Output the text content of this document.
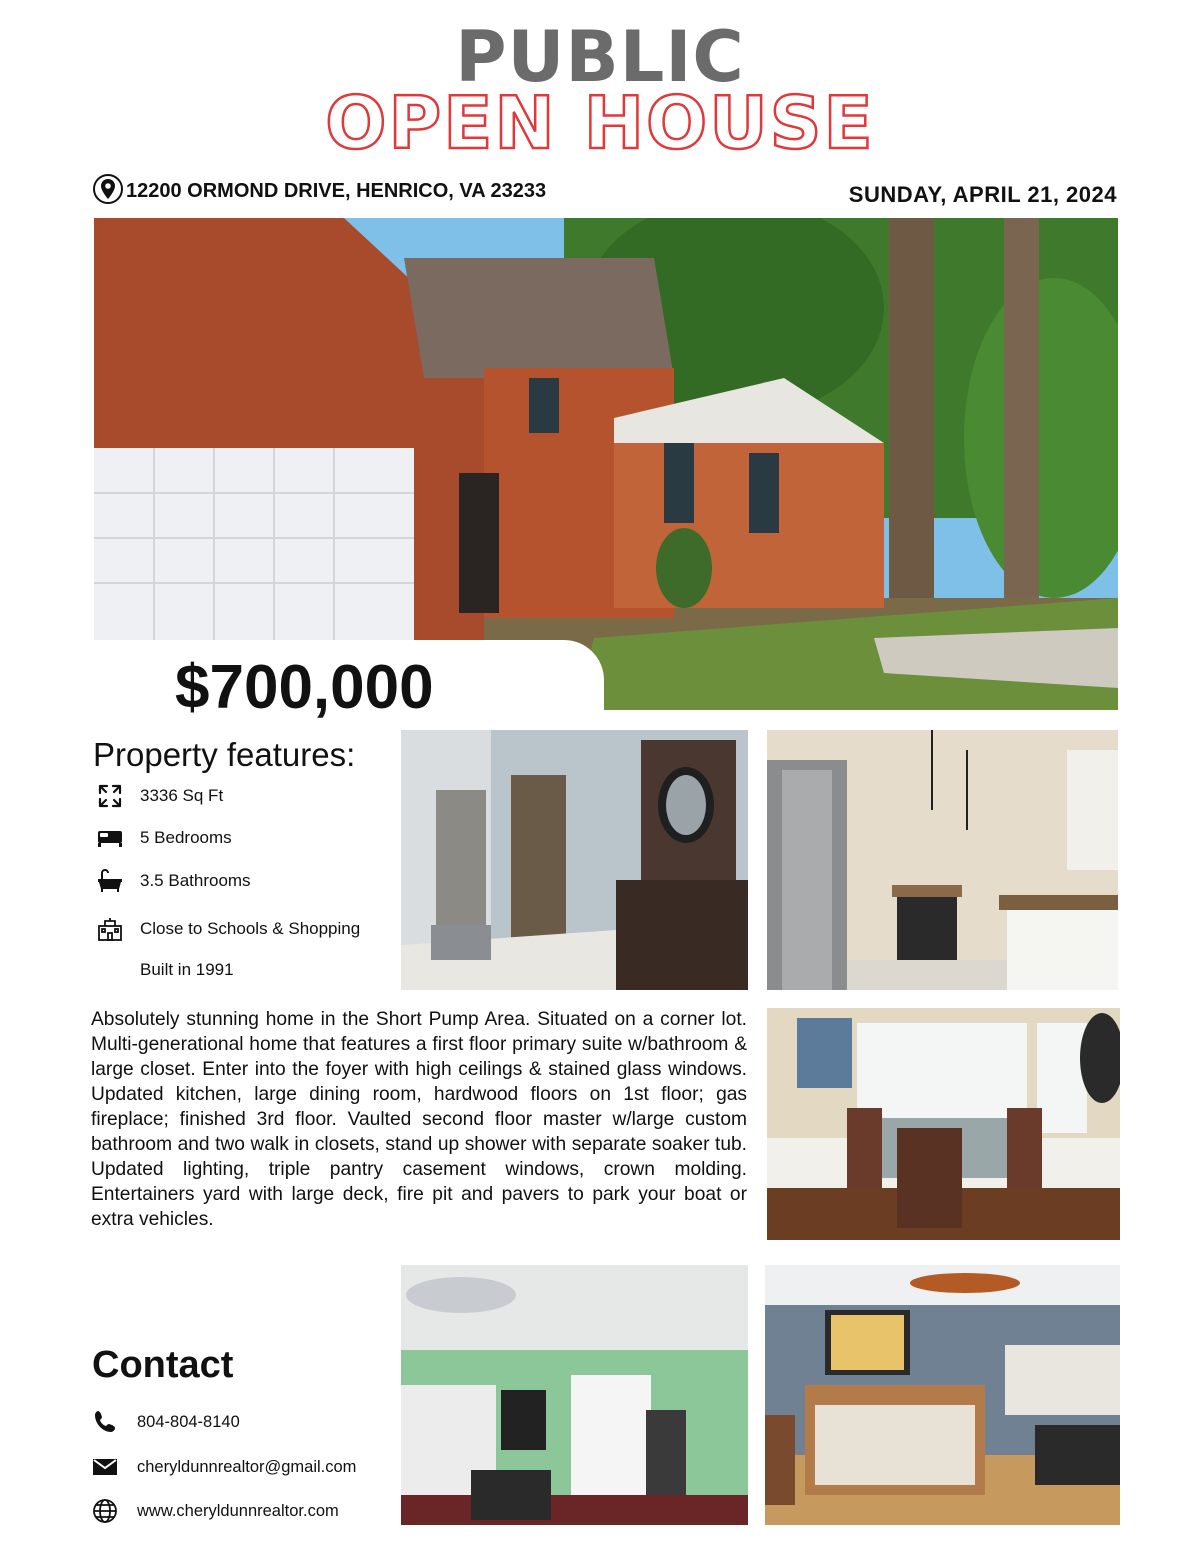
PUBLIC
OPEN HOUSE
12200 ORMOND DRIVE, HENRICO, VA 23233	SUNDAY, APRIL 21, 2024
$700,000
Property features:
3336 Sq Ft
5 Bedrooms
3.5 Bathrooms
Close to Schools & Shopping
Built in 1991
Absolutely stunning home in the Short Pump Area. Situated on a corner lot. Multi-generational home that features a first floor primary suite w/bathroom & large closet. Enter into the foyer with high ceilings & stained glass windows. Updated kitchen, large dining room, hardwood floors on 1st floor; gas fireplace; finished 3rd floor. Vaulted second floor master w/large custom bathroom and two walk in closets, stand up shower with separate soaker tub. Updated lighting, triple pantry casement windows, crown molding. Entertainers yard with large deck, fire pit and pavers to park your boat or extra vehicles.
Contact
804-804-8140
cheryldunnrealtor@gmail.com
www.cheryldunnrealtor.com
